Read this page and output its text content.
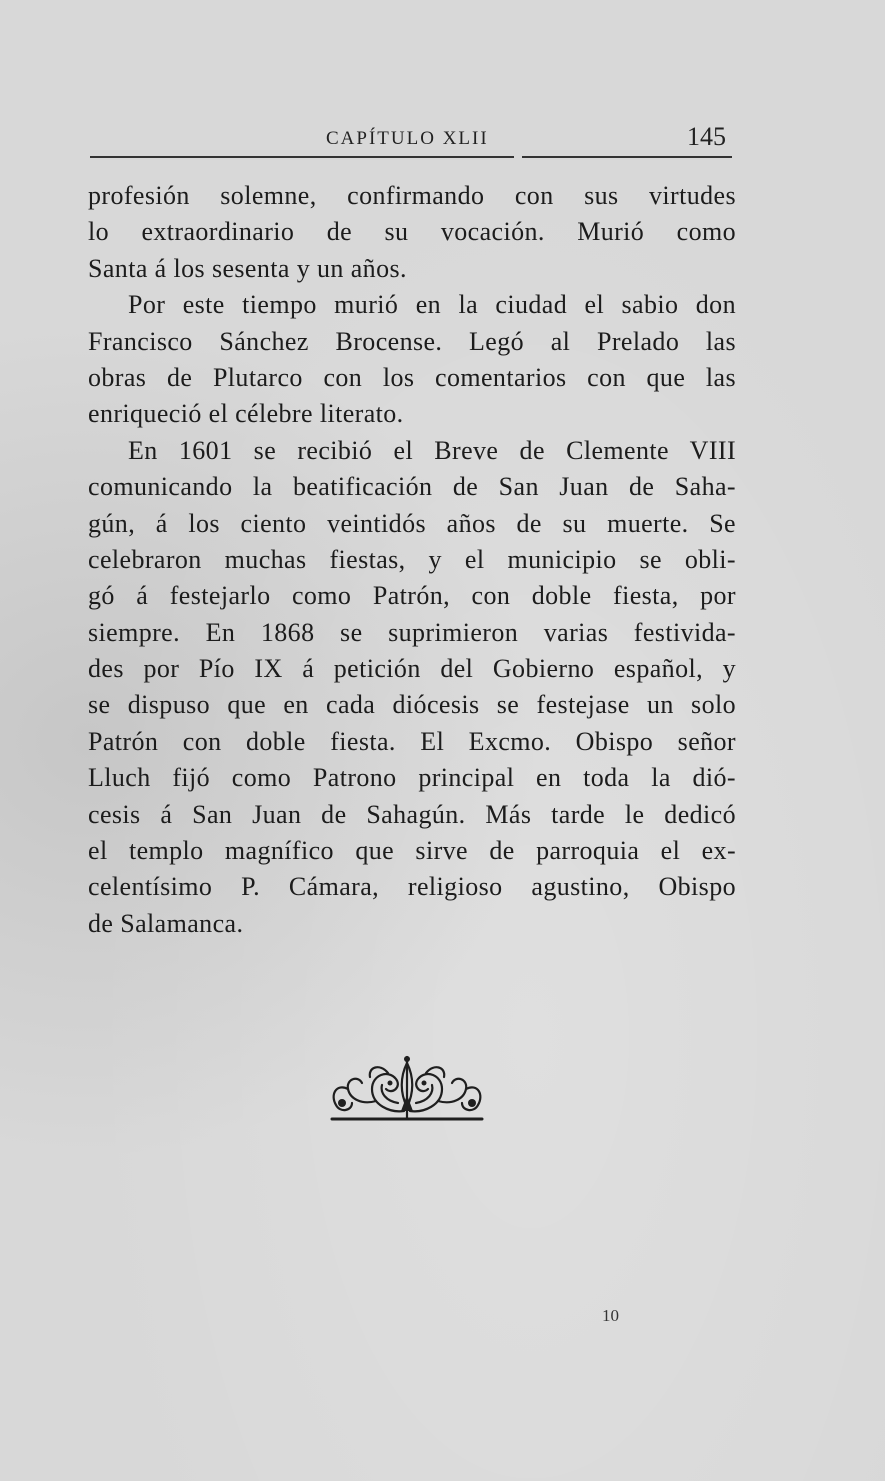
CAPÍTULO XLII	145
profesión solemne, confirmando con sus virtudes
lo extraordinario de su vocación. Murió como
Santa á los sesenta y un años.
Por este tiempo murió en la ciudad el sabio don
Francisco Sánchez Brocense. Legó al Prelado las
obras de Plutarco con los comentarios con que las
enriqueció el célebre literato.
En 1601 se recibió el Breve de Clemente VIII
comunicando la beatificación de San Juan de Saha-
gún, á los ciento veintidós años de su muerte. Se
celebraron muchas fiestas, y el municipio se obli-
gó á festejarlo como Patrón, con doble fiesta, por
siempre. En 1868 se suprimieron varias festivida-
des por Pío IX á petición del Gobierno español, y
se dispuso que en cada diócesis se festejase un solo
Patrón con doble fiesta. El Excmo. Obispo señor
Lluch fijó como Patrono principal en toda la dió-
cesis á San Juan de Sahagún. Más tarde le dedicó
el templo magnífico que sirve de parroquia el ex-
celentísimo P. Cámara, religioso agustino, Obispo
de Salamanca.
10
